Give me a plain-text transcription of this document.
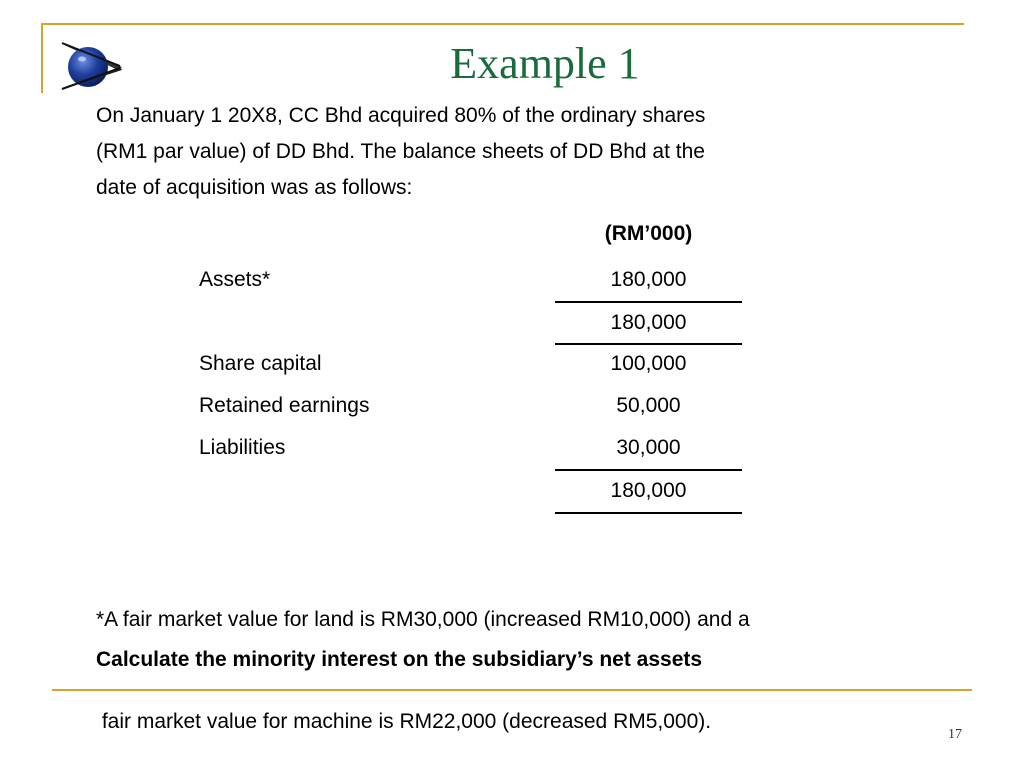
Example 1
On January 1 20X8, CC Bhd acquired 80% of the ordinary shares
(RM1 par value) of DD Bhd. The balance sheets of DD Bhd at the
date of acquisition was as follows:
(RM’000)
Assets*	180,000
180,000
Share capital	100,000
Retained earnings	50,000
Liabilities	30,000
180,000

*A fair market value for land is RM30,000 (increased RM10,000) and a

fair market value for machine is RM22,000 (decreased RM5,000).

Calculate the minority interest on the subsidiary’s net assets
17
